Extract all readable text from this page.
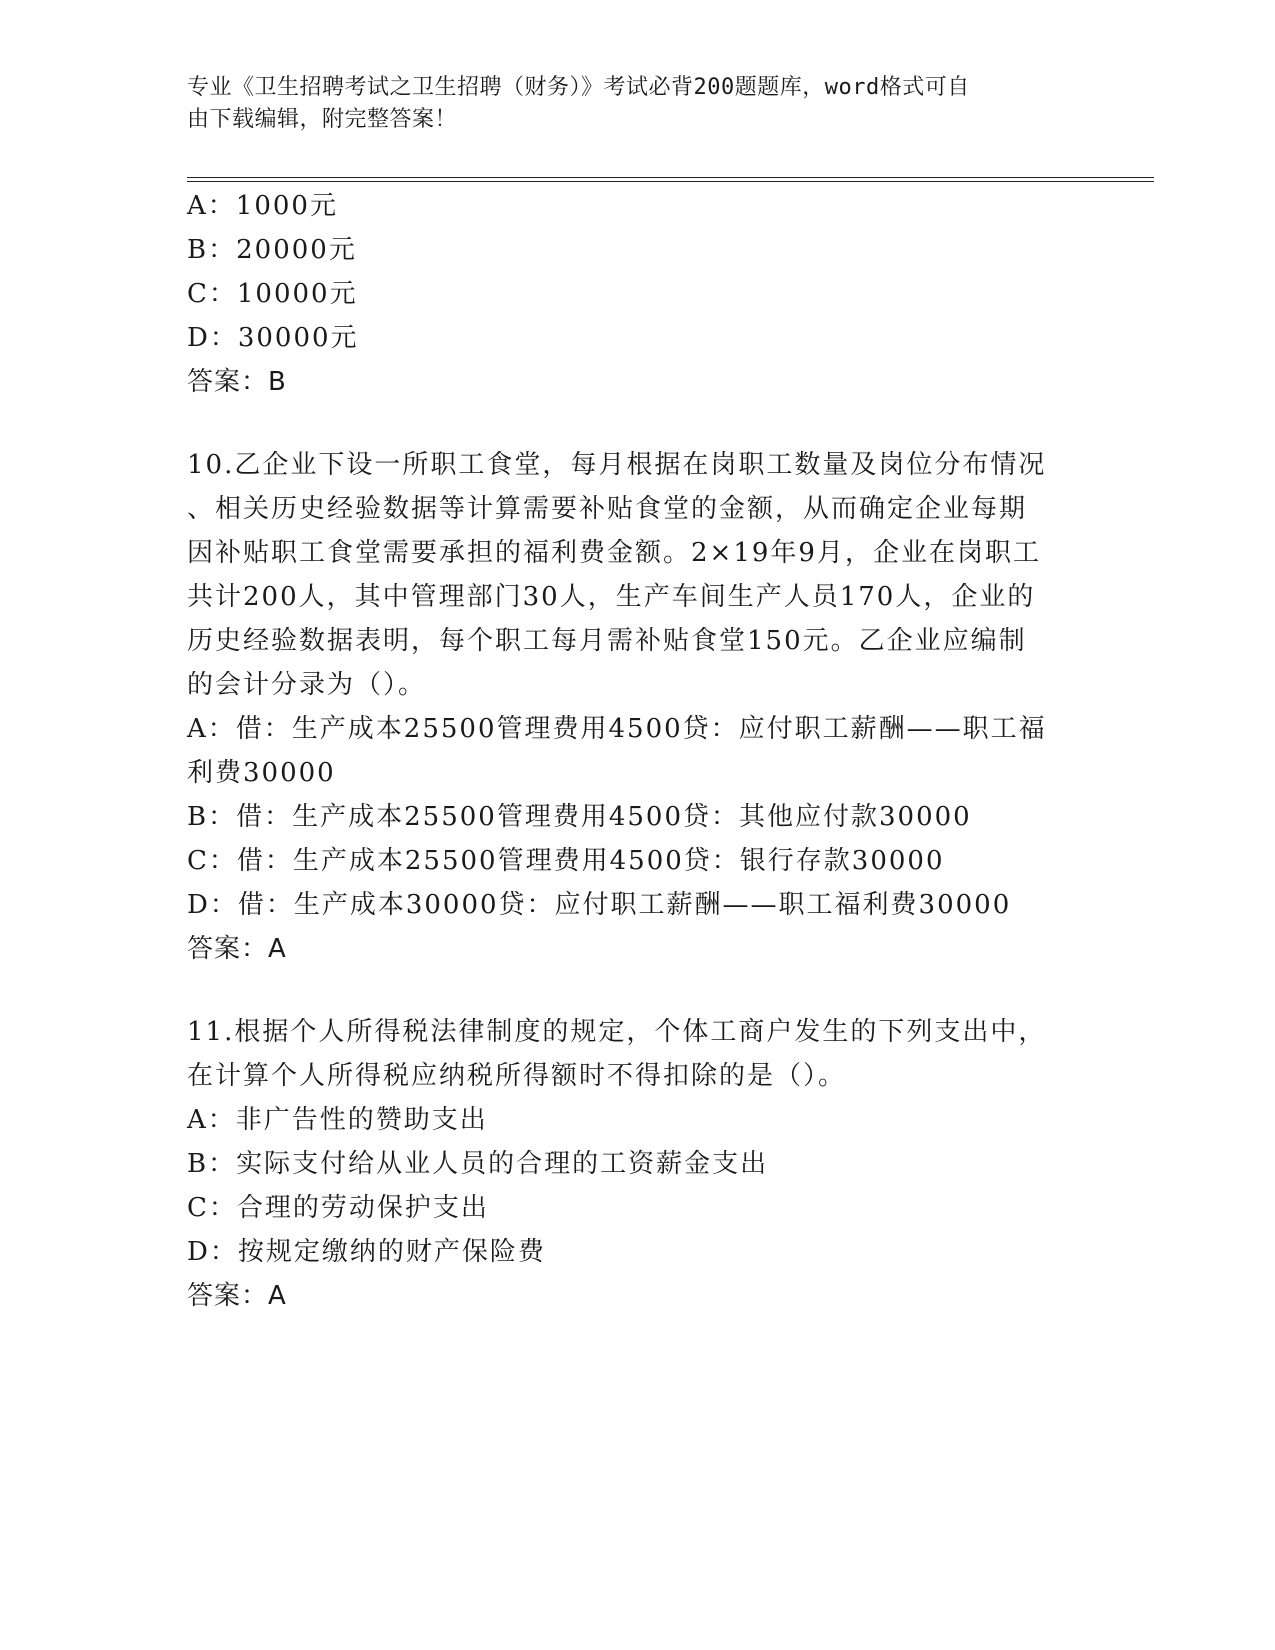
专业《卫生招聘考试之卫生招聘（财务）》考试必背200题题库，word格式可自
由下载编辑，附完整答案！
A：1000元
B：20000元
C：10000元
D：30000元
答案：B
10.乙企业下设一所职工食堂，每月根据在岗职工数量及岗位分布情况
、相关历史经验数据等计算需要补贴食堂的金额，从而确定企业每期
因补贴职工食堂需要承担的福利费金额。2×19年9月，企业在岗职工
共计200人，其中管理部门30人，生产车间生产人员170人，企业的
历史经验数据表明，每个职工每月需补贴食堂150元。乙企业应编制
的会计分录为（）。
A：借：生产成本25500管理费用4500贷：应付职工薪酬——职工福
利费30000
B：借：生产成本25500管理费用4500贷：其他应付款30000
C：借：生产成本25500管理费用4500贷：银行存款30000
D：借：生产成本30000贷：应付职工薪酬——职工福利费30000
答案：A
11.根据个人所得税法律制度的规定，个体工商户发生的下列支出中，
在计算个人所得税应纳税所得额时不得扣除的是（）。
A：非广告性的赞助支出
B：实际支付给从业人员的合理的工资薪金支出
C：合理的劳动保护支出
D：按规定缴纳的财产保险费
答案：A
